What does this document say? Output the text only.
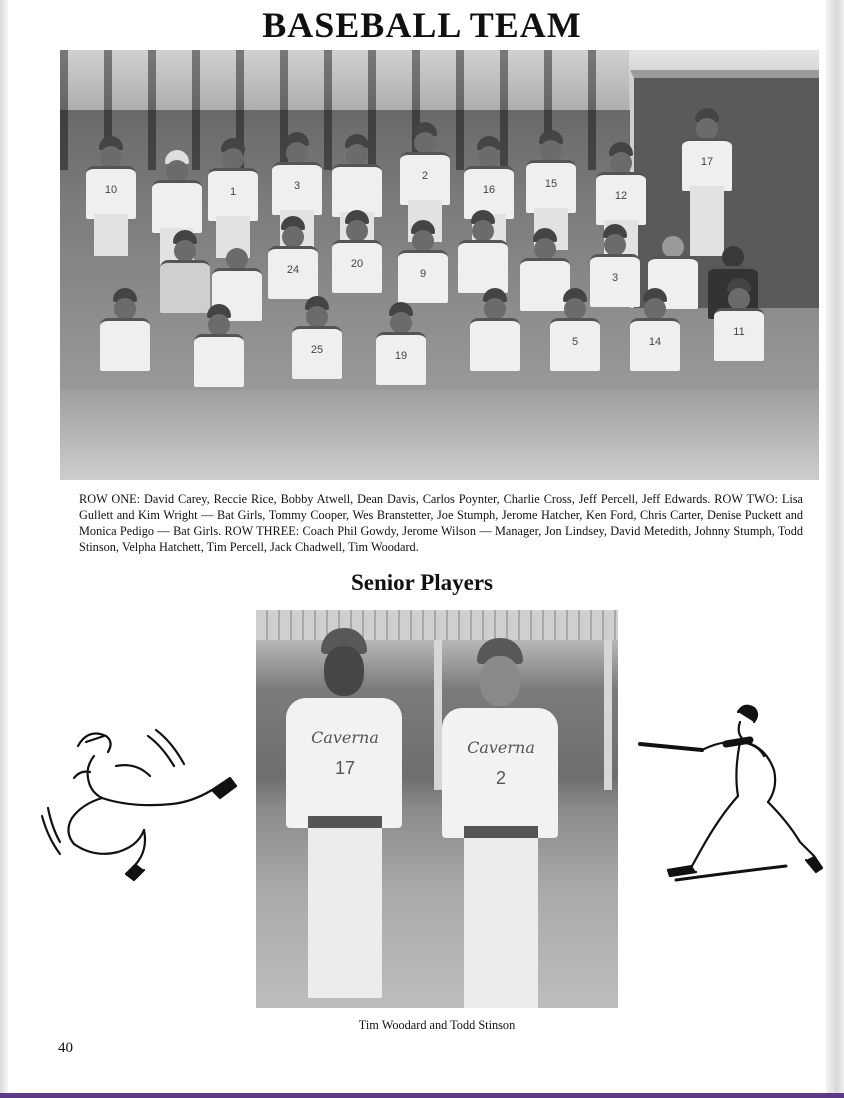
BASEBALL TEAM
10	1	3
2
16	15
12
17
24	20
9	3
25	19
5	14
11

ROW ONE: David Carey, Reccie Rice, Bobby Atwell, Dean Davis, Carlos Poynter, Charlie Cross, Jeff Percell, Jeff Edwards. ROW TWO: Lisa Gullett and Kim Wright — Bat Girls, Tommy Cooper, Wes Branstetter, Joe Stumph, Jerome Hatcher, Ken Ford, Chris Carter, Denise Puckett and Monica Pedigo — Bat Girls. ROW THREE: Coach Phil Gowdy, Jerome Wilson — Manager, Jon Lindsey, David Metedith, Johnny Stumph, Todd Stinson, Velpha Hatchett, Tim Percell, Jack Chadwell, Tim Woodard.

Senior Players
Caverna
17
Caverna
2

Tim Woodard and Todd Stinson

40
